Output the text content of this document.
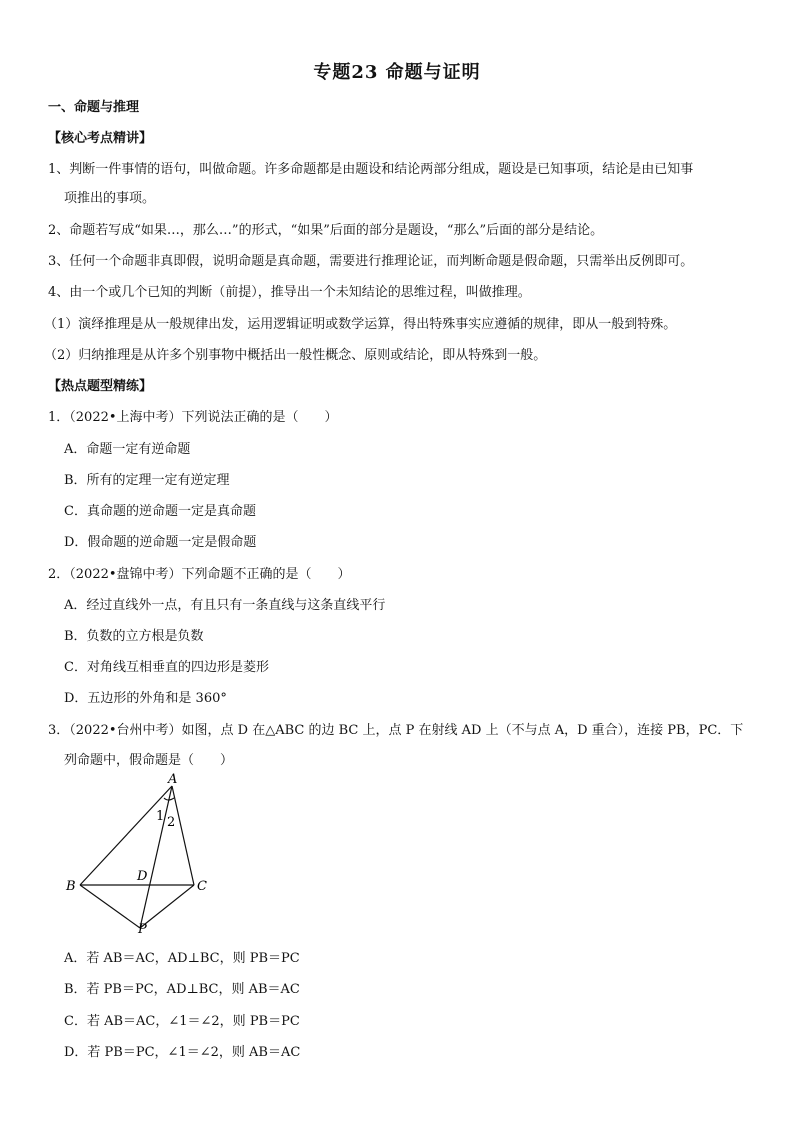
专题23 命题与证明
一、命题与推理
【核心考点精讲】
1、判断一件事情的语句，叫做命题。许多命题都是由题设和结论两部分组成，题设是已知事项，结论是由已知事
项推出的事项。
2、命题若写成“如果…，那么…”的形式，“如果”后面的部分是题设，“那么”后面的部分是结论。
3、任何一个命题非真即假，说明命题是真命题，需要进行推理论证，而判断命题是假命题，只需举出反例即可。
4、由一个或几个已知的判断（前提），推导出一个未知结论的思维过程，叫做推理。
（1）演绎推理是从一般规律出发，运用逻辑证明或数学运算，得出特殊事实应遵循的规律，即从一般到特殊。
（2）归纳推理是从许多个别事物中概括出一般性概念、原则或结论，即从特殊到一般。
【热点题型精练】
1．（2022•上海中考）下列说法正确的是（　　）
A．命题一定有逆命题
B．所有的定理一定有逆定理
C．真命题的逆命题一定是真命题
D．假命题的逆命题一定是假命题
2．（2022•盘锦中考）下列命题不正确的是（　　）
A．经过直线外一点，有且只有一条直线与这条直线平行
B．负数的立方根是负数
C．对角线互相垂直的四边形是菱形
D．五边形的外角和是 360°
3．（2022•台州中考）如图，点 D 在△ABC 的边 BC 上，点 P 在射线 AD 上（不与点 A，D 重合），连接 PB，PC．下
列命题中，假命题是（　　）
A
B	C
D
P
1 2
A．若 AB＝AC，AD⊥BC，则 PB＝PC
B．若 PB＝PC，AD⊥BC，则 AB＝AC
C．若 AB＝AC，∠1＝∠2，则 PB＝PC
D．若 PB＝PC，∠1＝∠2，则 AB＝AC
